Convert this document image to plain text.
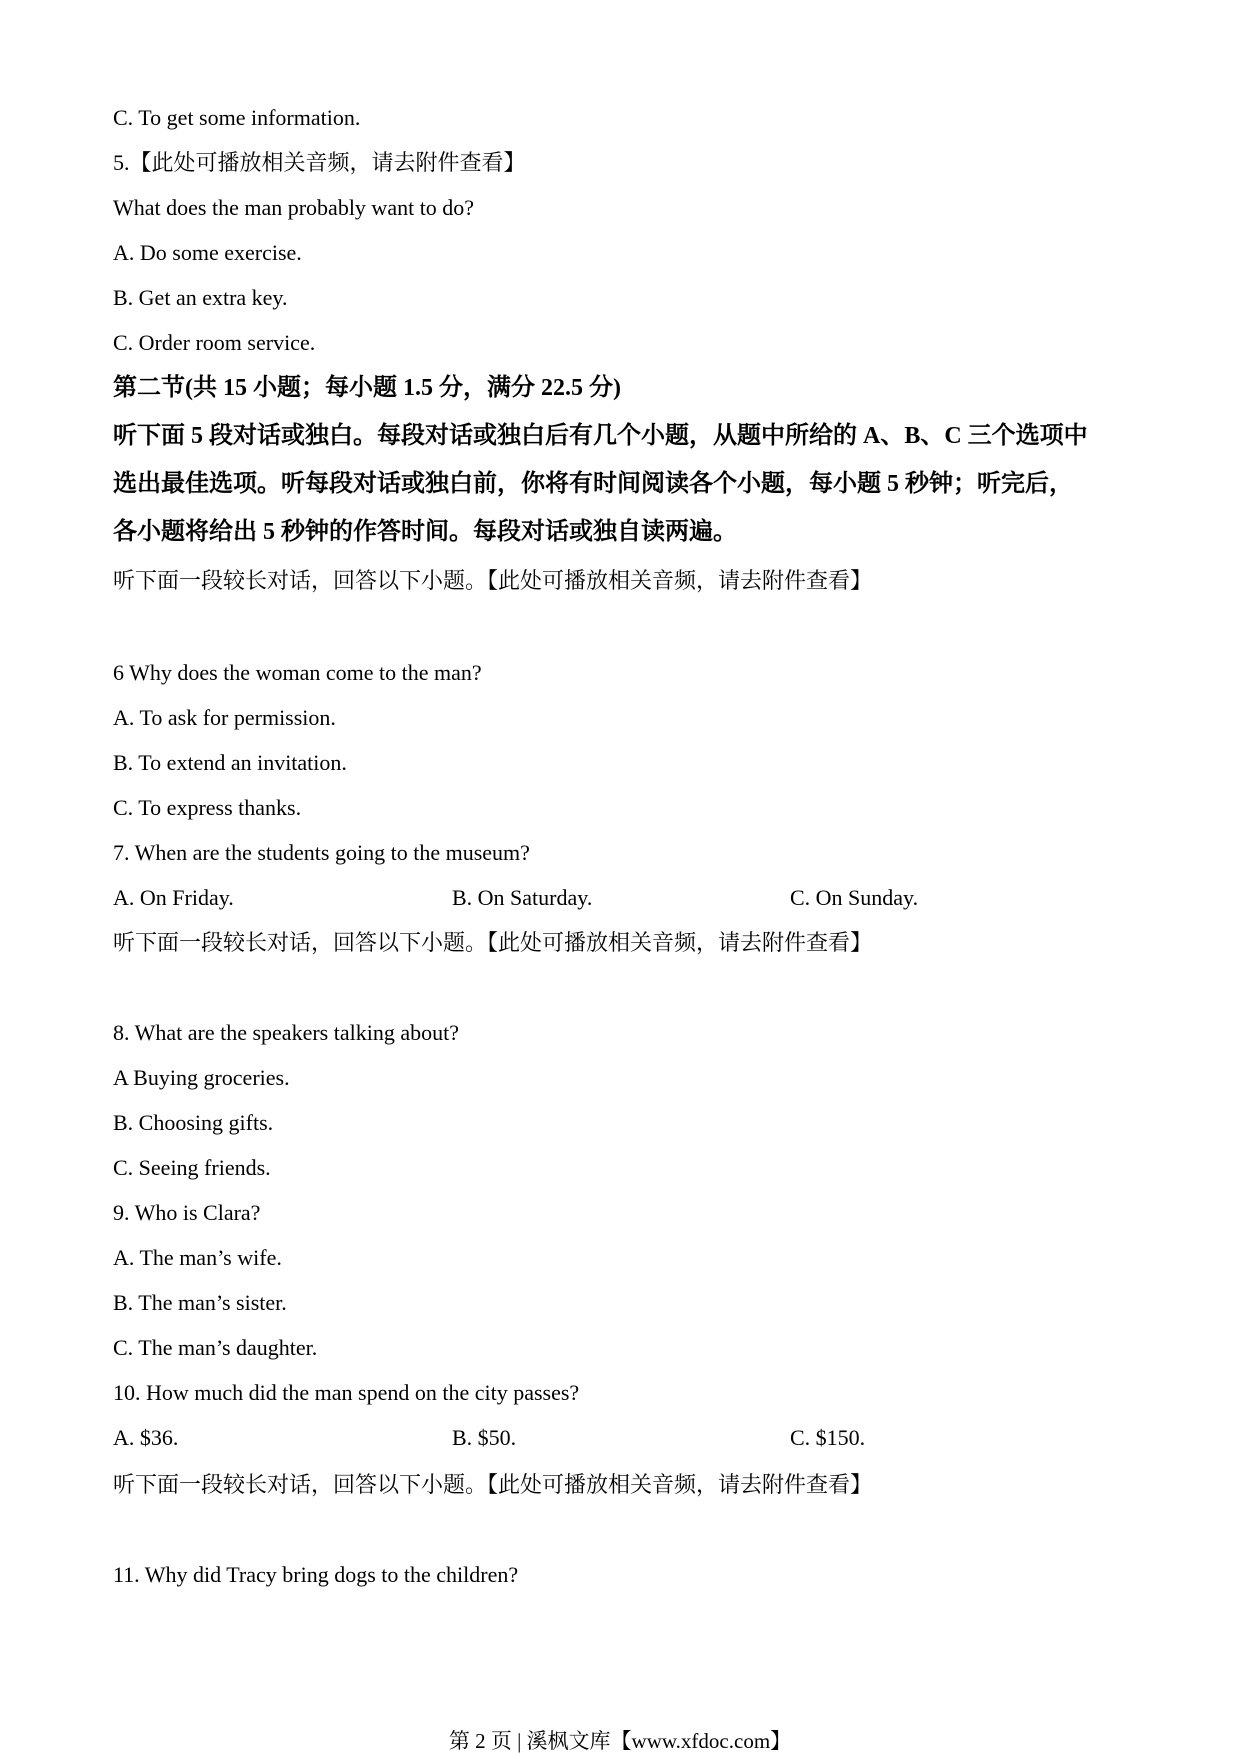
C. To get some information.
5.【此处可播放相关音频，请去附件查看】
What does the man probably want to do?
A. Do some exercise.
B. Get an extra key.
C. Order room service.
第二节(共 15 小题；每小题 1.5 分，满分 22.5 分)
听下面 5 段对话或独白。每段对话或独白后有几个小题，从题中所给的 A、B、C 三个选项中
选出最佳选项。听每段对话或独白前，你将有时间阅读各个小题，每小题 5 秒钟；听完后，
各小题将给出 5 秒钟的作答时间。每段对话或独自读两遍。
听下面一段较长对话，回答以下小题。【此处可播放相关音频，请去附件查看】
6 Why does the woman come to the man?
A. To ask for permission.
B. To extend an invitation.
C. To express thanks.
7. When are the students going to the museum?
A. On Friday.	B. On Saturday.	C. On Sunday.
听下面一段较长对话，回答以下小题。【此处可播放相关音频，请去附件查看】
8. What are the speakers talking about?
A Buying groceries.
B. Choosing gifts.
C. Seeing friends.
9. Who is Clara?
A. The man’s wife.
B. The man’s sister.
C. The man’s daughter.
10. How much did the man spend on the city passes?
A. $36.	B. $50.	C. $150.
听下面一段较长对话，回答以下小题。【此处可播放相关音频，请去附件查看】
11. Why did Tracy bring dogs to the children?
第 2 页 | 溪枫文库【www.xfdoc.com】
